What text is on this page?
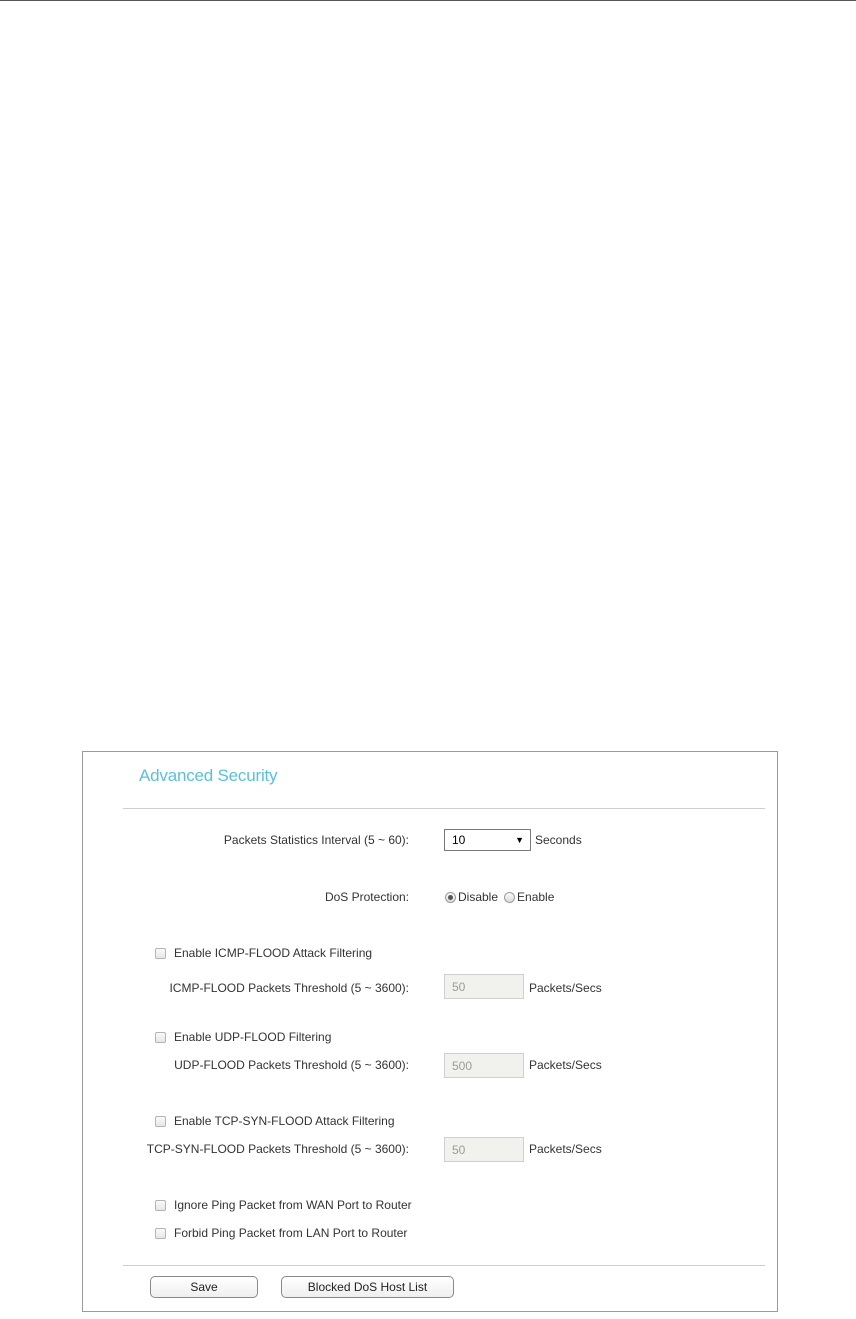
Advanced Security
Packets Statistics Interval (5 ~ 60):	10	▼ Seconds
DoS Protection:	Disable Enable
Enable ICMP-FLOOD Attack Filtering
ICMP-FLOOD Packets Threshold (5 ~ 3600):	50	Packets/Secs
Enable UDP-FLOOD Filtering
UDP-FLOOD Packets Threshold (5 ~ 3600):	500	Packets/Secs
Enable TCP-SYN-FLOOD Attack Filtering
TCP-SYN-FLOOD Packets Threshold (5 ~ 3600):	50	Packets/Secs
Ignore Ping Packet from WAN Port to Router
Forbid Ping Packet from LAN Port to Router
Save	Blocked DoS Host List
